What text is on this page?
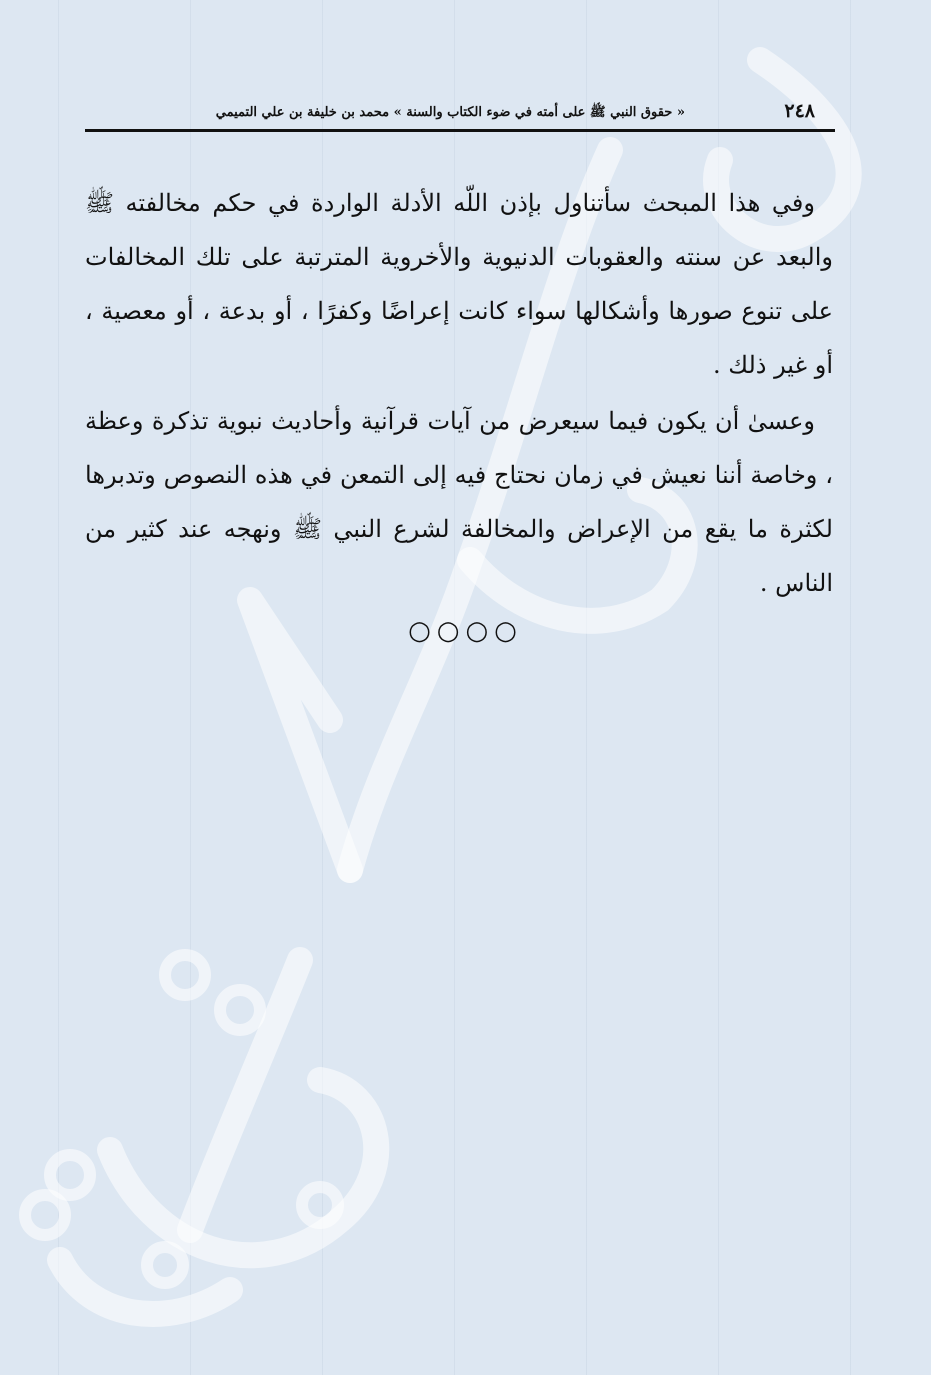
٢٤٨
« حقوق النبي ﷺ على أمته في ضوء الكتاب والسنة » محمد بن خليفة بن علي التميمي

وفي هذا المبحث سأتناول بإذن اللّه الأدلة الواردة في حكم مخالفته ﷺ والبعد عن سنته والعقوبات الدنيوية والأخروية المترتبة على تلك المخالفات على تنوع صورها وأشكالها سواء كانت إعراضًا وكفرًا ، أو بدعة ، أو معصية ، أو غير ذلك .

وعسىٰ أن يكون فيما سيعرض من آيات قرآنية وأحاديث نبوية تذكرة وعظة ، وخاصة أننا نعيش في زمان نحتاج فيه إلى التمعن في هذه النصوص وتدبرها لكثرة ما يقع من الإعراض والمخالفة لشرع النبي ﷺ ونهجه عند كثير من الناس .

○○○○
